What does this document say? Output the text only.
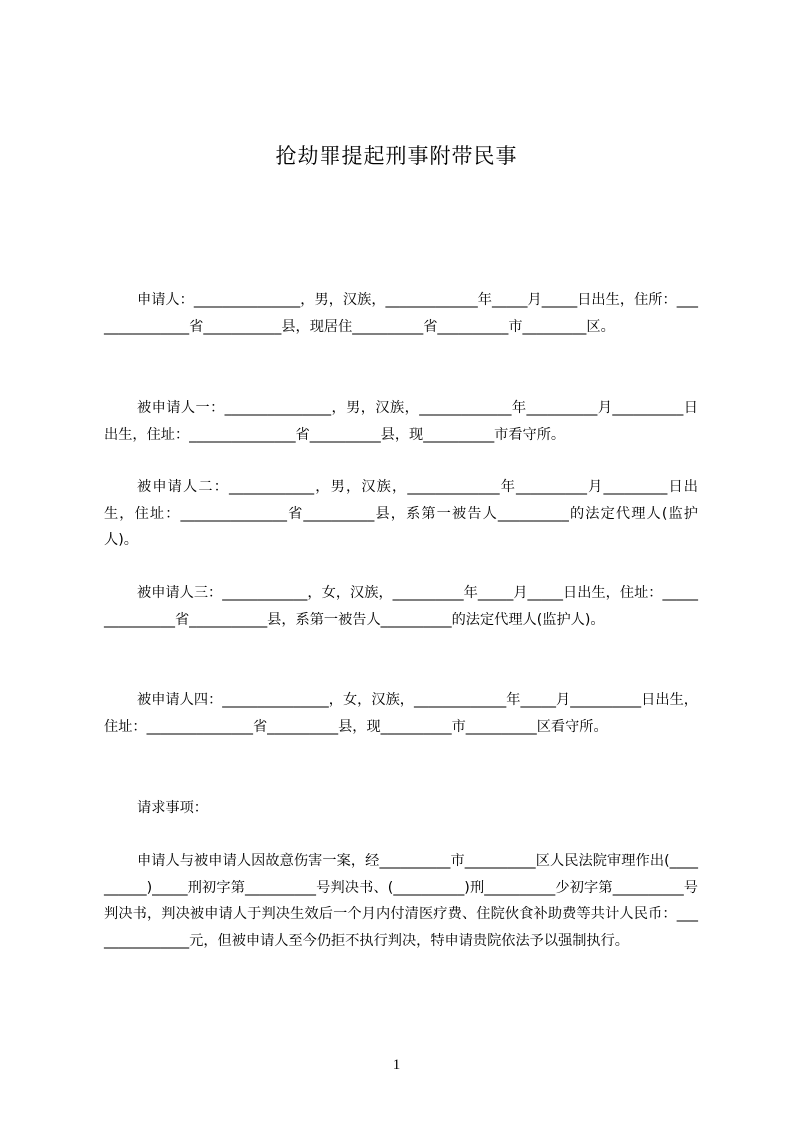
抢劫罪提起刑事附带民事
申请人：_______________，男，汉族，_____________年_____月_____日出生，住所：_______________省___________县，现居住__________省__________市_________区。
被申请人一：_______________，男，汉族，_____________年__________月__________日出生，住址：_______________省__________县，现__________市看守所。
被申请人二：____________，男，汉族，_____________年__________月_________日出生，住址：_______________省__________县，系第一被告人__________的法定代理人(监护人)。
被申请人三：____________，女，汉族，__________年_____月_____日出生，住址：_______________省___________县，系第一被告人__________的法定代理人(监护人)。
被申请人四：_______________，女，汉族，_____________年_____月__________日出生，住址：_______________省__________县，现__________市__________区看守所。
请求事项：
申请人与被申请人因故意伤害一案，经__________市__________区人民法院审理作出(__________)_____刑初字第__________号判决书、(__________)刑__________少初字第__________号判决书，判决被申请人于判决生效后一个月内付清医疗费、住院伙食补助费等共计人民币：_______________元，但被申请人至今仍拒不执行判决，特申请贵院依法予以强制执行。
1
